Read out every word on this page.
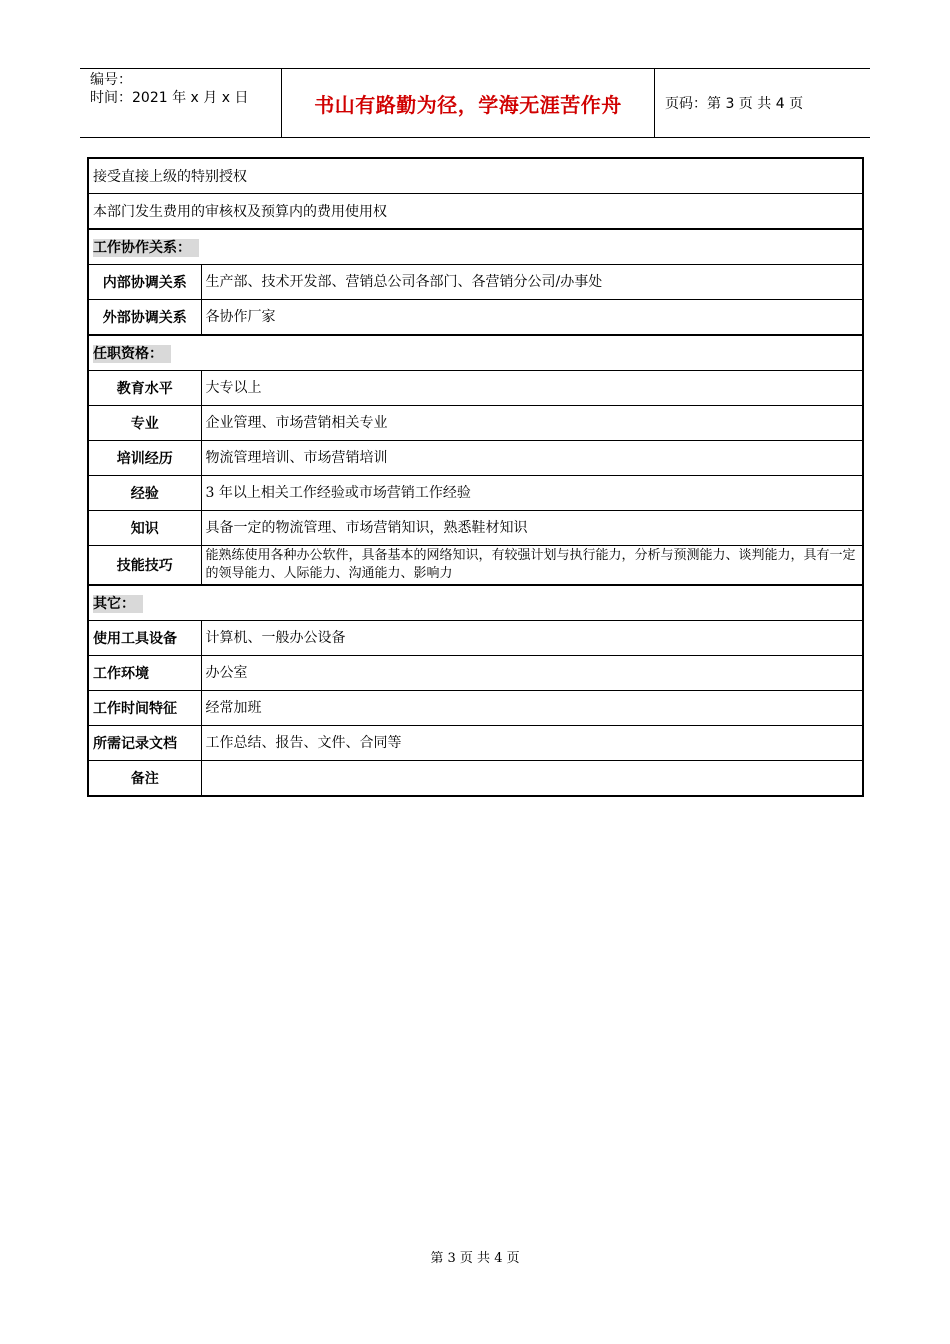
编号：
时间：2021 年 x 月 x 日	书山有路勤为径，学海无涯苦作舟	页码：第 3 页 共 4 页
接受直接上级的特别授权	
本部门发生费用的审核权及预算内的费用使用权	
工作协作关系：	
内部协调关系	生产部、技术开发部、营销总公司各部门、各营销分公司/办事处
外部协调关系	各协作厂家
任职资格：	
教育水平	大专以上
专业	企业管理、市场营销相关专业
培训经历	物流管理培训、市场营销培训
经验	3 年以上相关工作经验或市场营销工作经验
知识	具备一定的物流管理、市场营销知识，熟悉鞋材知识
技能技巧	能熟练使用各种办公软件，具备基本的网络知识，有较强计划与执行能力，分析与预测能力、谈判能力，具有一定的领导能力、人际能力、沟通能力、影响力
其它：	
使用工具设备	计算机、一般办公设备
工作环境	办公室
工作时间特征	经常加班
所需记录文档	工作总结、报告、文件、合同等
备注	
第 3 页 共 4 页
